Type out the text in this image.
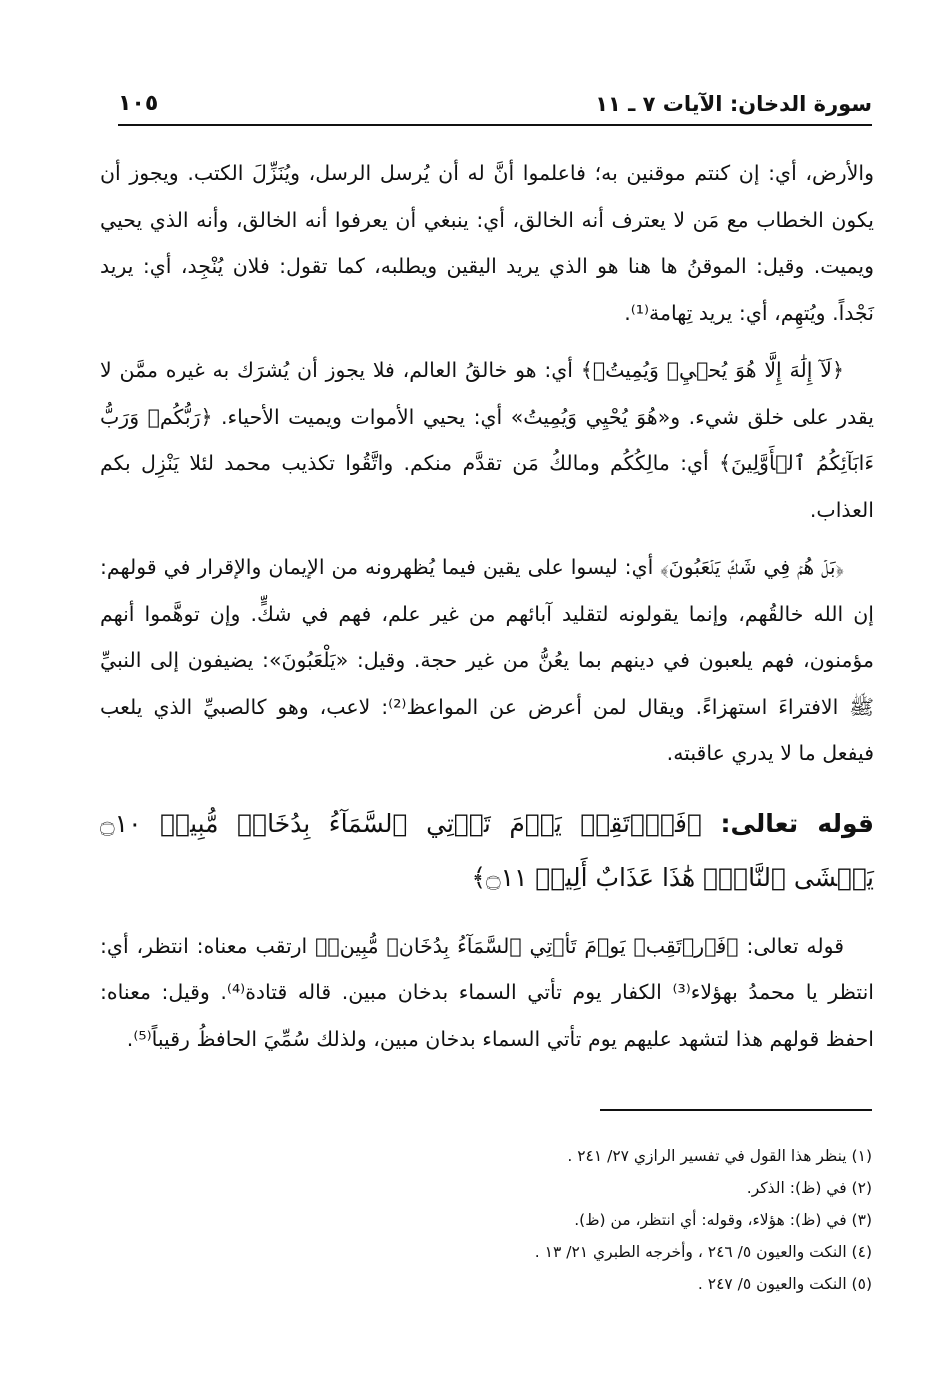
سورة الدخان: الآيات ٧ ـ ١١
١٠٥

والأرض، أي: إن كنتم موقنين به؛ فاعلموا أنَّ له أن يُرسل الرسل، ويُنَزِّلَ الكتب. ويجوز أن يكون الخطاب مع مَن لا يعترف أنه الخالق، أي: ينبغي أن يعرفوا أنه الخالق، وأنه الذي يحيي ويميت. وقيل: الموقنُ ها هنا هو الذي يريد اليقين ويطلبه، كما تقول: فلان يُنْجِد، أي: يريد نَجْداً. ويُتهِم، أي: يريد تِهامة⁽¹⁾.

﴿لَآ إِلَٰهَ إِلَّا هُوَ يُحۡيِۦ وَيُمِيتُۖ﴾ أي: هو خالقُ العالم، فلا يجوز أن يُشرَك به غيره ممَّن لا يقدر على خلق شيء. و«هُوَ يُحْيِي وَيُمِيتُ» أي: يحيي الأموات ويميت الأحياء. ﴿رَبُّكُمۡ وَرَبُّ ءَابَآئِكُمُ ٱلۡأَوَّلِينَ﴾ أي: مالِكُكُم ومالكُ مَن تقدَّم منكم. واتَّقُوا تكذيب محمد لئلا يَنْزِل بكم العذاب.

﴿بَلۡ هُمۡ فِي شَكّٖ يَلۡعَبُونَ﴾ أي: ليسوا على يقين فيما يُظهرونه من الإيمان والإقرار في قولهم: إن الله خالقُهم، وإنما يقولونه لتقليد آبائهم من غير علم، فهم في شكٍّ. وإن توهَّموا أنهم مؤمنون، فهم يلعبون في دينهم بما يعُنُّ من غير حجة. وقيل: «يَلْعَبُونَ»: يضيفون إلى النبيِّ ﷺ الافتراءَ استهزاءً. ويقال لمن أعرض عن المواعظ⁽²⁾: لاعب، وهو كالصبيِّ الذي يلعب فيفعل ما لا يدري عاقبته.

قوله تعالى: ﴿فَٱرۡتَقِبۡ يَوۡمَ تَأۡتِي ٱلسَّمَآءُ بِدُخَانٖ مُّبِينٖ ۝١٠ يَغۡشَى ٱلنَّاسَۖ هَٰذَا عَذَابٌ أَلِيمٞ ۝١١﴾

قوله تعالى: ﴿فَٱرۡتَقِبۡ يَوۡمَ تَأۡتِي ٱلسَّمَآءُ بِدُخَانٖ مُّبِينٖ﴾ ارتقب معناه: انتظر، أي: انتظر يا محمدُ بهؤلاء⁽³⁾ الكفار يوم تأتي السماء بدخان مبين. قاله قتادة⁽⁴⁾. وقيل: معناه: احفظ قولهم هذا لتشهد عليهم يوم تأتي السماء بدخان مبين، ولذلك سُمِّيَ الحافظُ رقيباً⁽⁵⁾.

(١) ينظر هذا القول في تفسير الرازي ٢٧/ ٢٤١ .

(٢) في (ظ): الذكر.

(٣) في (ظ): هؤلاء، وقوله: أي انتظر، من (ظ).

(٤) النكت والعيون ٥/ ٢٤٦ ، وأخرجه الطبري ٢١/ ١٣ .

(٥) النكت والعيون ٥/ ٢٤٧ .
